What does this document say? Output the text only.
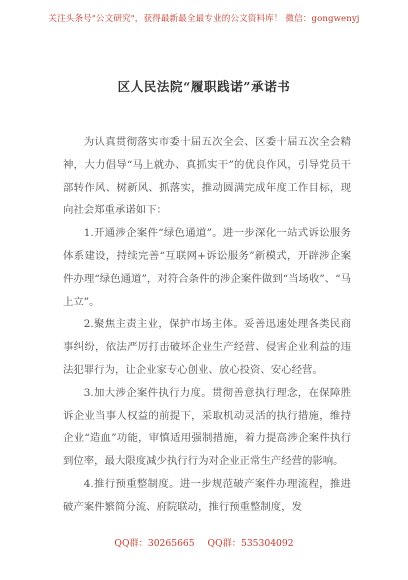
关注头条号"公文研究"，获得最新最全最专业的公文资料库！ 微信：gongwenyj
区人民法院“履职践诺”承诺书

为认真贯彻落实市委十届五次全会、区委十届五次全会精神，大力倡导“马上就办、真抓实干”的优良作风，引导党员干部转作风、树新风、抓落实，推动圆满完成年度工作目标，现向社会郑重承诺如下：

1.开通涉企案件“绿色通道”。进一步深化一站式诉讼服务体系建设，持续完善“互联网+诉讼服务”新模式，开辟涉企案件办理“绿色通道”，对符合条件的涉企案件做到“当场收”、“马上立”。

2.聚焦主责主业，保护市场主体。妥善迅速处理各类民商事纠纷，依法严厉打击破坏企业生产经营、侵害企业利益的违法犯罪行为，让企业家专心创业、放心投资、安心经营。

3.加大涉企案件执行力度。贯彻善意执行理念，在保障胜诉企业当事人权益的前提下，采取机动灵活的执行措施，维持企业“造血”功能，审慎适用强制措施，着力提高涉企案件执行到位率，最大限度减少执行行为对企业正常生产经营的影响。

4.推行预重整制度。进一步规范破产案件办理流程，推进破产案件繁简分流、府院联动，推行预重整制度，发

QQ群：30265665 QQ群：535304092
